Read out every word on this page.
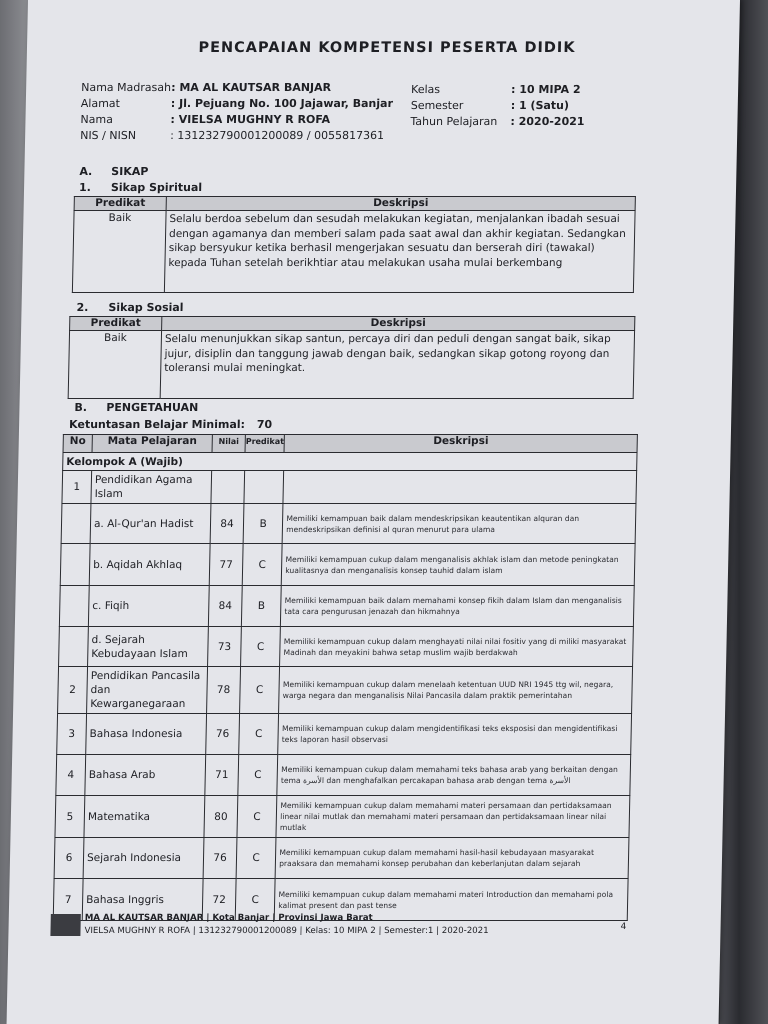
PENCAPAIAN KOMPETENSI PESERTA DIDIK
Nama Madrasah : MA AL KAUTSAR BANJAR
Alamat	: Jl. Pejuang No. 100 Jajawar, Banjar
Nama	: VIELSA MUGHNY R ROFA
NIS / NISN	: 131232790001200089 / 0055817361
Kelas	: 10 MIPA 2
Semester	: 1 (Satu)
Tahun Pelajaran	: 2020-2021
A. SIKAP
1. Sikap Spiritual
Predikat	Deskripsi
Baik	Selalu berdoa sebelum dan sesudah melakukan kegiatan, menjalankan ibadah sesuai dengan agamanya dan memberi salam pada saat awal dan akhir kegiatan. Sedangkan sikap bersyukur ketika berhasil mengerjakan sesuatu dan berserah diri (tawakal) kepada Tuhan setelah berikhtiar atau melakukan usaha mulai berkembang
2. Sikap Sosial
Predikat	Deskripsi
Baik	Selalu menunjukkan sikap santun, percaya diri dan peduli dengan sangat baik, sikap jujur, disiplin dan tanggung jawab dengan baik, sedangkan sikap gotong royong dan toleransi mulai meningkat.
B. PENGETAHUAN
Ketuntasan Belajar Minimal: 70
No	Mata Pelajaran	Nilai	Predikat	Deskripsi
Kelompok A (Wajib)				
1	Pendidikan Agama Islam			
	a. Al-Qur'an Hadist	84	B	Memiliki kemampuan baik dalam mendeskripsikan keautentikan alquran dan mendeskripsikan definisi al quran menurut para ulama
	b. Aqidah Akhlaq	77	C	Memiliki kemampuan cukup dalam menganalisis akhlak islam dan metode peningkatan kualitasnya dan menganalisis konsep tauhid dalam islam
	c. Fiqih	84	B	Memiliki kemampuan baik dalam memahami konsep fikih dalam Islam dan menganalisis tata cara pengurusan jenazah dan hikmahnya
	d. Sejarah Kebudayaan Islam	73	C	Memiliki kemampuan cukup dalam menghayati nilai nilai fositiv yang di miliki masyarakat Madinah dan meyakini bahwa setap muslim wajib berdakwah
2	Pendidikan Pancasila dan Kewarganegaraan	78	C	Memiliki kemampuan cukup dalam menelaah ketentuan UUD NRI 1945 ttg wil, negara, warga negara dan menganalisis Nilai Pancasila dalam praktik pemerintahan
3	Bahasa Indonesia	76	C	Memiliki kemampuan cukup dalam mengidentifikasi teks eksposisi dan mengidentifikasi teks laporan hasil observasi
4	Bahasa Arab	71	C	Memiliki kemampuan cukup dalam memahami teks bahasa arab yang berkaitan dengan tema الأسرة dan menghafalkan percakapan bahasa arab dengan tema الأسرة
5	Matematika	80	C	Memiliki kemampuan cukup dalam memahami materi persamaan dan pertidaksamaan linear nilai mutlak dan memahami materi persamaan dan pertidaksamaan linear nilai mutlak
6	Sejarah Indonesia	76	C	Memiliki kemampuan cukup dalam memahami hasil-hasil kebudayaan masyarakat praaksara dan memahami konsep perubahan dan keberlanjutan dalam sejarah
7	Bahasa Inggris	72	C	Memiliki kemampuan cukup dalam memahami materi Introduction dan memahami pola kalimat present dan past tense
MA AL KAUTSAR BANJAR | Kota Banjar | Provinsi Jawa Barat
VIELSA MUGHNY R ROFA | 131232790001200089 | Kelas: 10 MIPA 2 | Semester:1 | 2020-2021	4
